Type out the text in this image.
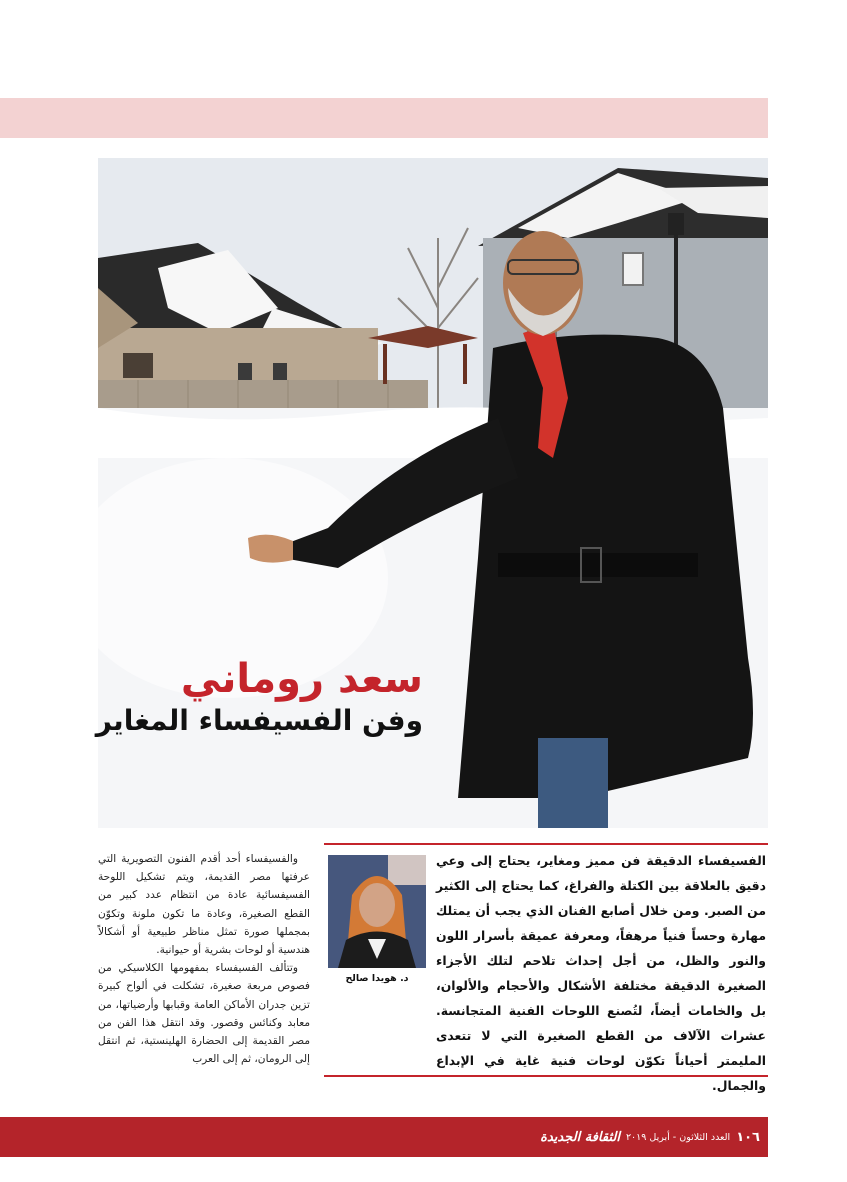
سعد روماني
وفن الفسيفساء المغاير

والفسيفساء أحد أقدم الفنون التصويرية التي عرفتها مصر القديمة، ويتم تشكيل اللوحة الفسيفسائية عادة من انتظام عدد كبير من القطع الصغيرة، وعادة ما تكون ملونة وتكوّن بمجملها صورة تمثل مناظر طبيعية أو أشكالاً هندسية أو لوحات بشرية أو حيوانية.

وتتألف الفسيفساء بمفهومها الكلاسيكي من فصوص مربعة صغيرة، تشكلت في ألواح كبيرة تزين جدران الأماكن العامة وقبابها وأرضياتها، من معابد وكنائس وقصور. وقد انتقل هذا الفن من مصر القديمة إلى الحضارة الهلينستية، ثم انتقل إلى الرومان، ثم إلى العرب

الفسيفساء الدقيقة فن مميز ومغاير، يحتاج إلى وعي دقيق بالعلاقة بين الكتلة والفراغ، كما يحتاج إلى الكثير من الصبر. ومن خلال أصابع الفنان الذي يجب أن يمتلك مهارة وحساً فنياً مرهفاً، ومعرفة عميقة بأسرار اللون والنور والظل، من أجل إحداث تلاحم لتلك الأجزاء الصغيرة الدقيقة مختلفة الأشكال والأحجام والألوان، بل والخامات أيضاً، لتُصنع اللوحات الفنية المتجانسة. عشرات الآلاف من القطع الصغيرة التي لا تتعدى المليمتر أحياناً تكوّن لوحات فنية غاية في الإبداع والجمال.
د. هويدا صالح
١٠٦
العدد الثلاثون - أبريل ٢٠١٩
الثقافة الجديدة
